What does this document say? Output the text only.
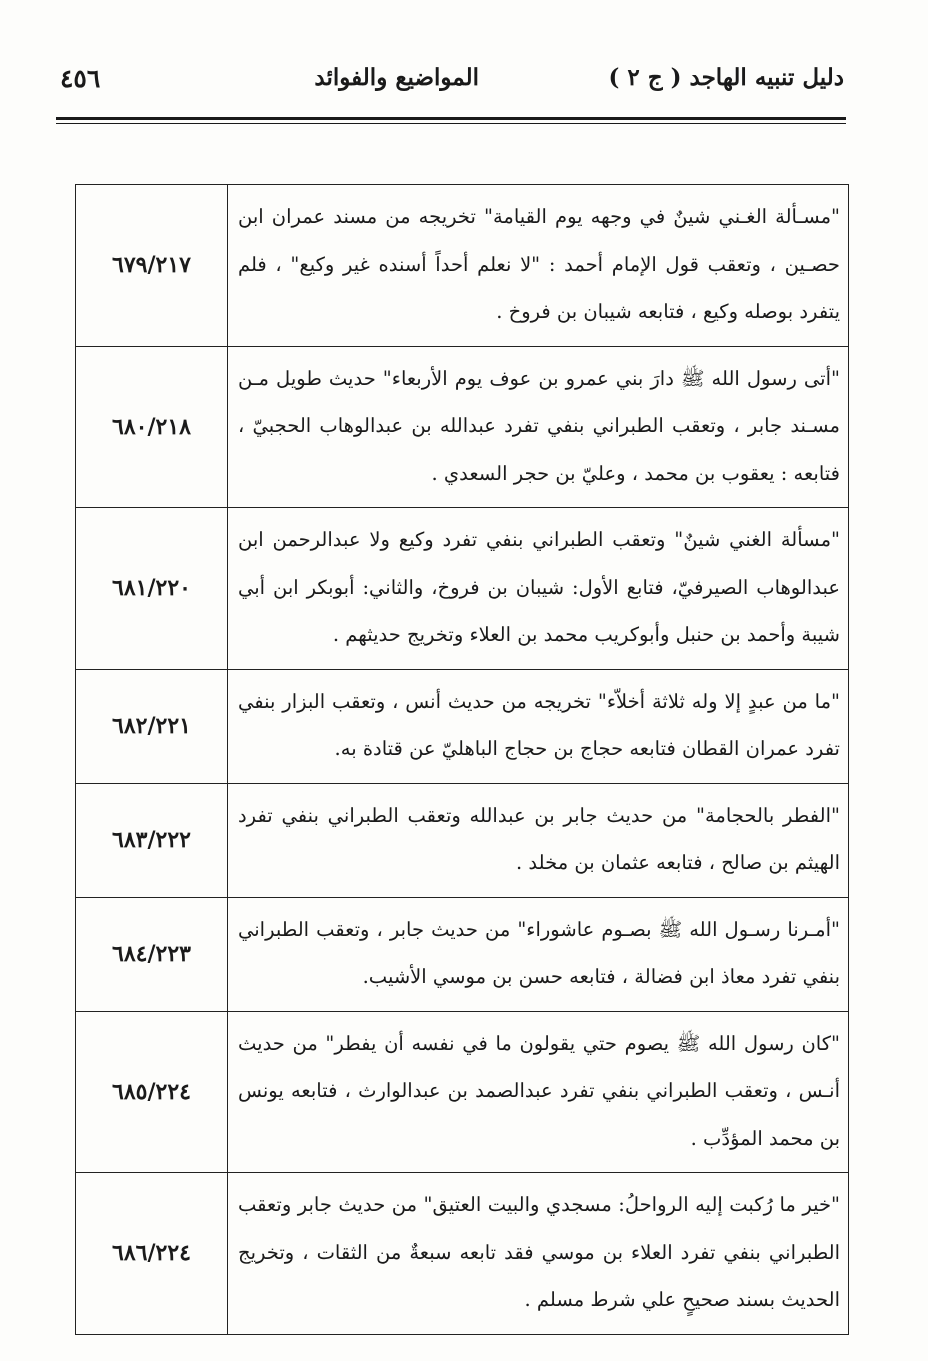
دليل تنبيه الهاجد ( ج ٢ )
المواضيع والفوائد
٤٥٦
"مسـألة الغـني شينٌ في وجهه يوم القيامة" تخريجه من مسند عمران ابن حصـين ، وتعقب قول الإمام أحمد : "لا نعلم أحداً أسنده غير وكيع" ، فلم يتفرد بوصله وكيع ، فتابعه شيبان بن فروخ .
٦٧٩/٢١٧
"أتى رسول الله ﷺ دارَ بني عمرو بن عوف يوم الأربعاء" حديث طويل مـن مسـند جابر ، وتعقب الطبراني بنفي تفرد عبدالله بن عبدالوهاب الحجبيّ ، فتابعه : يعقوب بن محمد ، وعليّ بن حجر السعدي .
٦٨٠/٢١٨
"مسألة الغني شينٌ" وتعقب الطبراني بنفي تفرد وكيع ولا عبدالرحمن ابن عبدالوهاب الصيرفيّ، فتابع الأول: شيبان بن فروخ، والثاني: أبوبكر ابن أبي شيبة وأحمد بن حنبل وأبوكريب محمد بن العلاء وتخريج حديثهم .
٦٨١/٢٢٠
"ما من عبدٍ إلا وله ثلاثة أخلاّء" تخريجه من حديث أنس ، وتعقب البزار بنفي تفرد عمران القطان فتابعه حجاج بن حجاج الباهليّ عن قتادة به.
٦٨٢/٢٢١
"الفطر بالحجامة" من حديث جابر بن عبدالله وتعقب الطبراني بنفي تفرد الهيثم بن صالح ، فتابعه عثمان بن مخلد .
٦٨٣/٢٢٢
"أمـرنا رسـول الله ﷺ بصـوم عاشوراء" من حديث جابر ، وتعقب الطبراني بنفي تفرد معاذ ابن فضالة ، فتابعه حسن بن موسي الأشيب.
٦٨٤/٢٢٣
"كان رسول الله ﷺ يصوم حتي يقولون ما في نفسه أن يفطر" من حديث أنـس ، وتعقب الطبراني بنفي تفرد عبدالصمد بن عبدالوارث ، فتابعه يونس بن محمد المؤدِّب .
٦٨٥/٢٢٤
"خير ما رُكبت إليه الرواحلُ: مسجدي والبيت العتيق" من حديث جابر وتعقب الطبراني بنفي تفرد العلاء بن موسي فقد تابعه سبعةٌ من الثقات ، وتخريج الحديث بسند صحيحٍ علي شرط مسلم .
٦٨٦/٢٢٤
